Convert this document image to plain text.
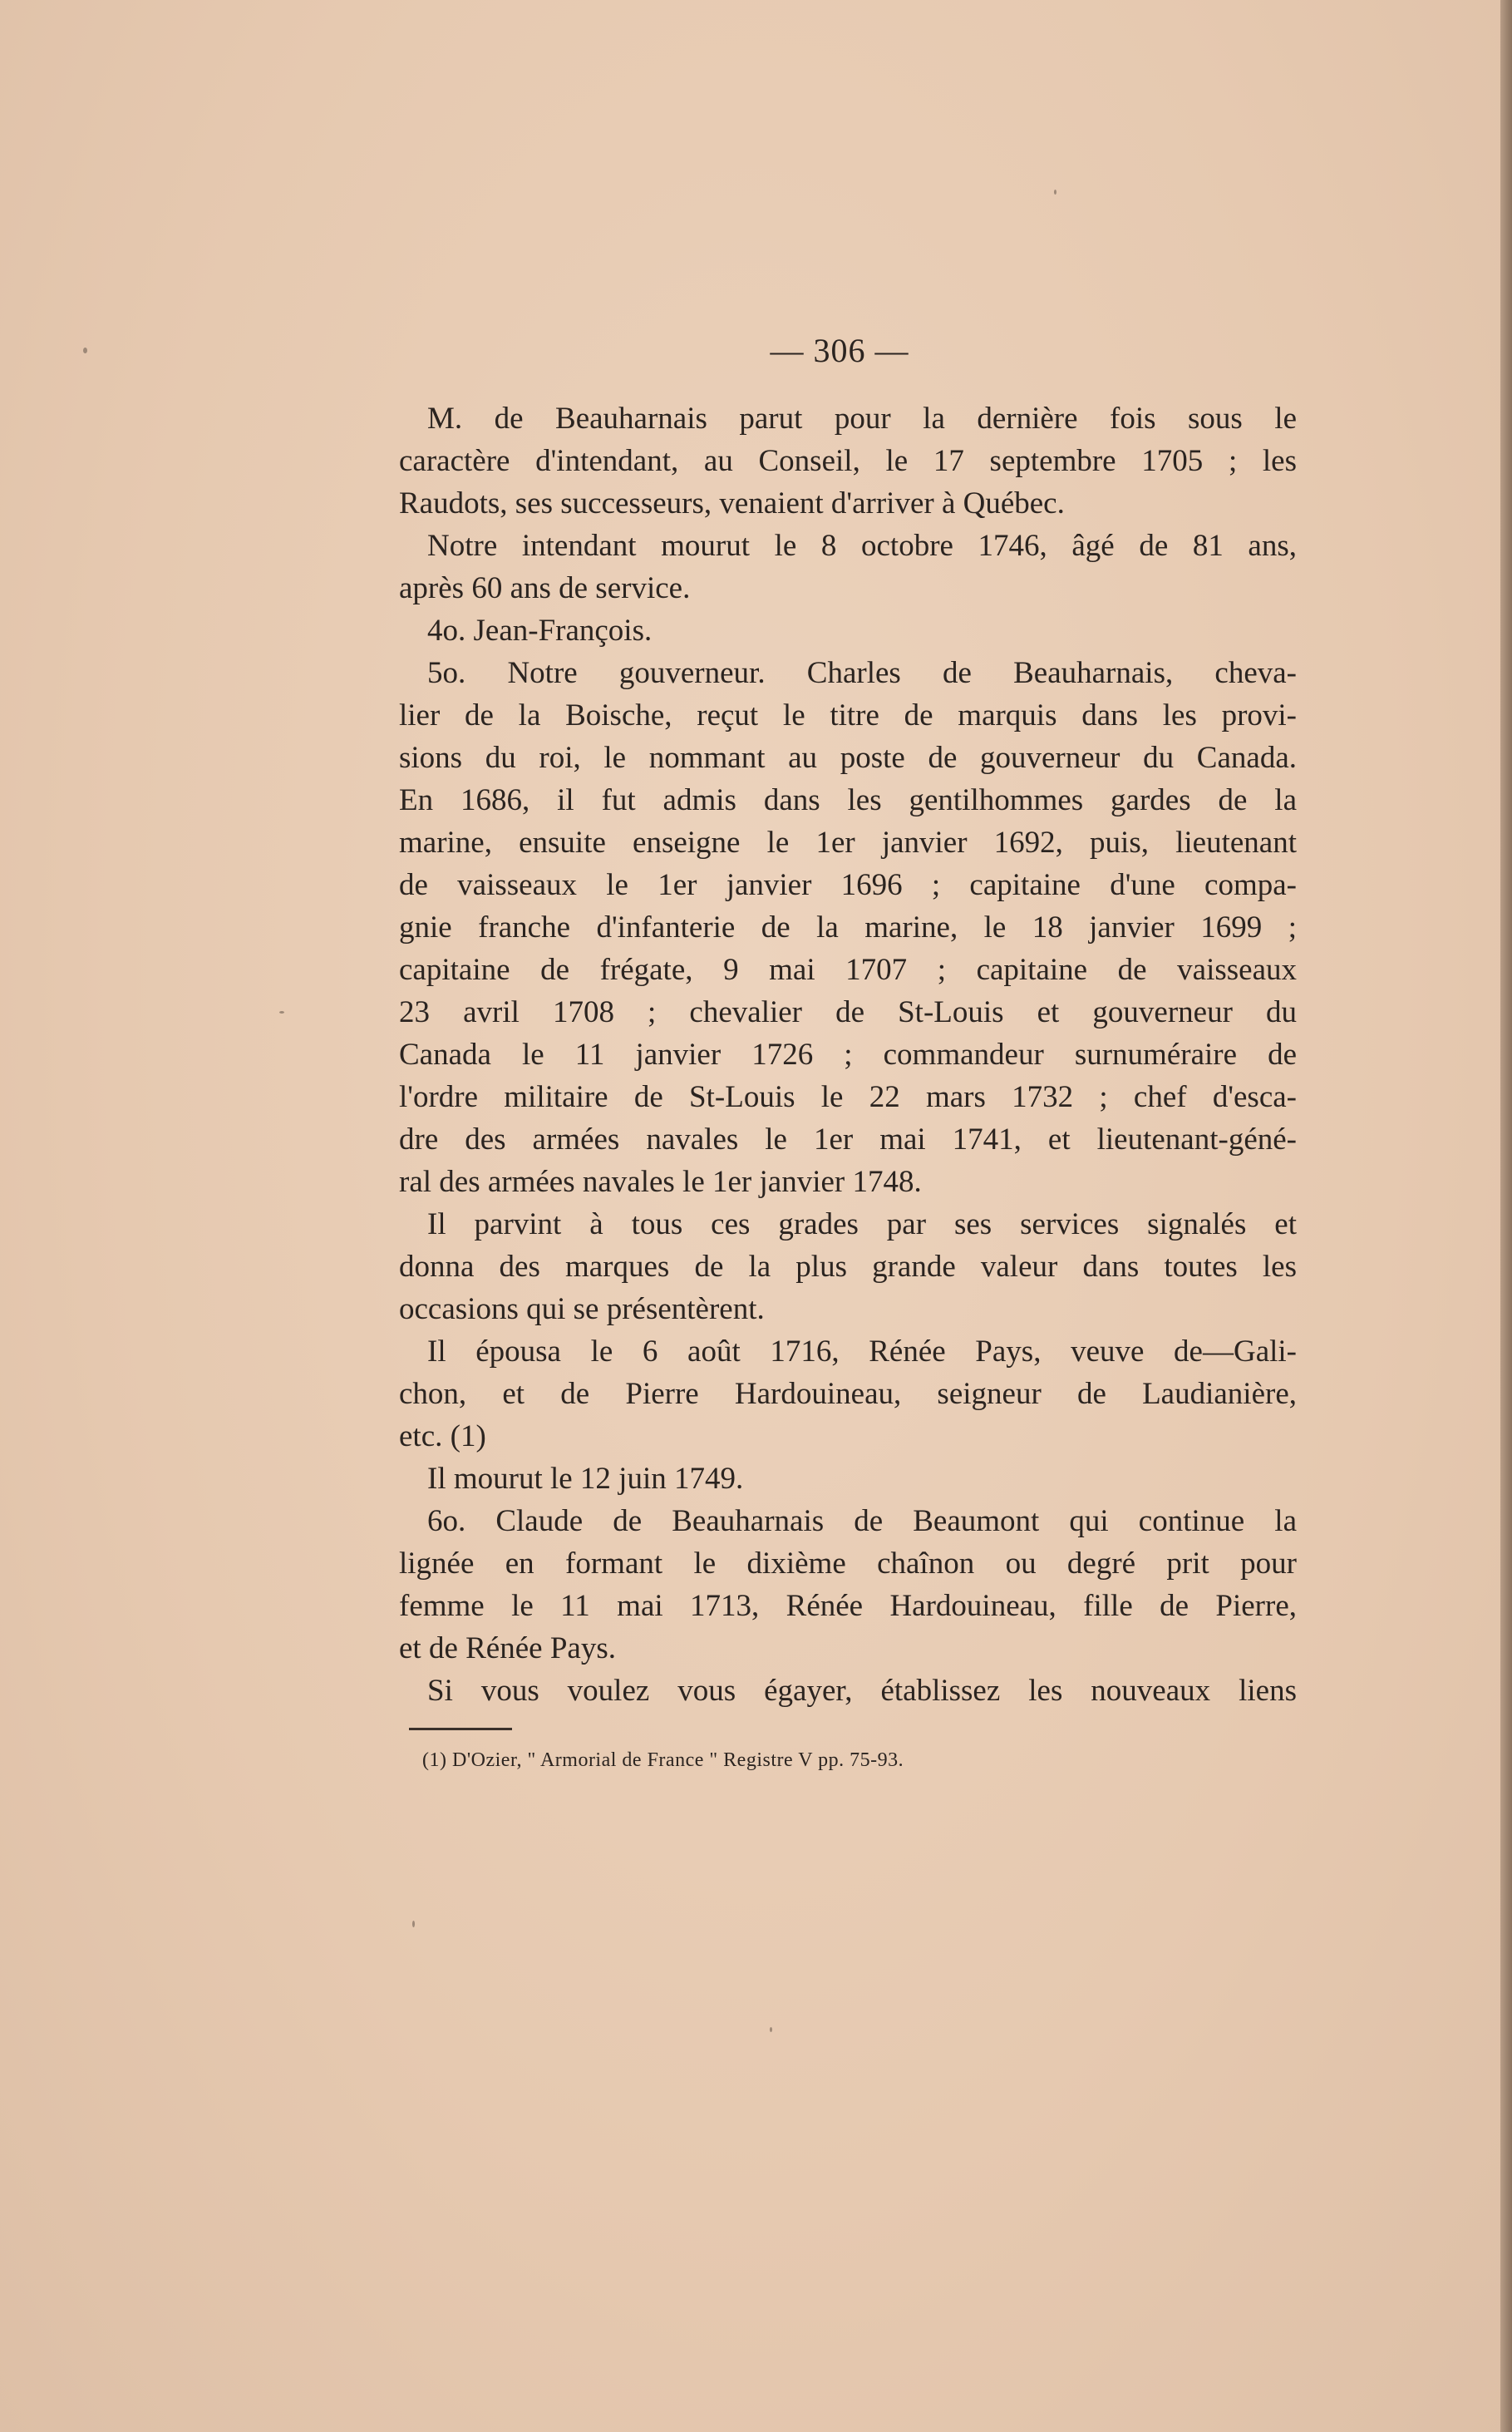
— 306 —
M. de Beauharnais parut pour la dernière fois sous le
caractère d'intendant, au Conseil, le 17 septembre 1705 ; les
Raudots, ses successeurs, venaient d'arriver à Québec.
Notre intendant mourut le 8 octobre 1746, âgé de 81 ans,
après 60 ans de service.
4o. Jean-François.
5o. Notre gouverneur. Charles de Beauharnais, cheva-
lier de la Boische, reçut le titre de marquis dans les provi-
sions du roi, le nommant au poste de gouverneur du Canada.
En 1686, il fut admis dans les gentilhommes gardes de la
marine, ensuite enseigne le 1er janvier 1692, puis, lieutenant
de vaisseaux le 1er janvier 1696 ; capitaine d'une compa-
gnie franche d'infanterie de la marine, le 18 janvier 1699 ;
capitaine de frégate, 9 mai 1707 ; capitaine de vaisseaux
23 avril 1708 ; chevalier de St-Louis et gouverneur du
Canada le 11 janvier 1726 ; commandeur surnuméraire de
l'ordre militaire de St-Louis le 22 mars 1732 ; chef d'esca-
dre des armées navales le 1er mai 1741, et lieutenant-géné-
ral des armées navales le 1er janvier 1748.
Il parvint à tous ces grades par ses services signalés et
donna des marques de la plus grande valeur dans toutes les
occasions qui se présentèrent.
Il épousa le 6 août 1716, Rénée Pays, veuve de—Gali-
chon, et de Pierre Hardouineau, seigneur de Laudianière,
etc. (1)
Il mourut le 12 juin 1749.
6o. Claude de Beauharnais de Beaumont qui continue la
lignée en formant le dixième chaînon ou degré prit pour
femme le 11 mai 1713, Rénée Hardouineau, fille de Pierre,
et de Rénée Pays.
Si vous voulez vous égayer, établissez les nouveaux liens
(1) D'Ozier, " Armorial de France " Registre V pp. 75-93.
